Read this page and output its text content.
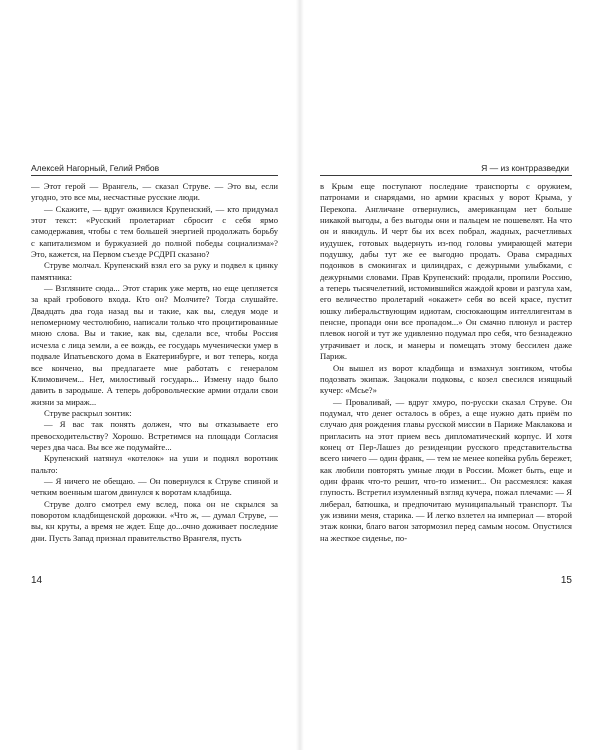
Алексей Нагорный, Гелий Рябов

— Этот герой — Врангель, — сказал Струве. — Это вы, если угодно, это все мы, несчастные русские люди.

— Скажите, — вдруг оживился Крупенский, — кто придумал этот текст: «Русский пролетариат сбросит с себя ярмо самодержавия, чтобы с тем большей энергией продолжать борьбу с капитализмом и буржуазией до полной победы социализма»? Это, кажется, на Первом съезде РСДРП сказано?

Струве молчал. Крупенский взял его за руку и подвел к цинку памятника:

— Взгляните сюда... Этот старик уже мертв, но еще цепляется за край гробового входа. Кто он? Молчите? Тогда слушайте. Двадцать два года назад вы и такие, как вы, следуя моде и непомерному честолюбию, написали только что процитированные мною слова. Вы и такие, как вы, сделали все, чтобы Россия исчезла с лица земли, а ее вождь, ее государь мученически умер в подвале Ипатьевского дома в Екатеринбурге, и вот теперь, когда все кончено, вы предлагаете мне работать с генералом Климовичем... Нет, милостивый государь... Измену надо было давить в зародыше. А теперь добровольческие армии отдали свои жизни за мираж...

Струве раскрыл зонтик:

— Я вас так понять должен, что вы отказываете его превосходительству? Хорошо. Встретимся на площади Согласия через два часа. Вы все же подумайте...

Крупенский натянул «котелок» на уши и поднял воротник пальто:

— Я ничего не обещаю. — Он повернулся к Струве спиной и четким военным шагом двинулся к воротам кладбища.

Струве долго смотрел ему вслед, пока он не скрылся за поворотом кладбищенской дорожки. «Что ж, — думал Струве, — вы, кн круты, а время не ждет. Еще до...очно доживает последние дни. Пусть Запад признал правительство Врангеля, пусть

14
Я — из контрразведки

в Крым еще поступают последние транспорты с оружием, патронами и снарядами, но армии красных у ворот Крыма, у Перекопа. Англичане отвернулись, американцам нет больше никакой выгоды, а без выгоды они и пальцем не пошевелят. На что он и янкидуль. И черт бы их всех побрал, жадных, расчетливых иудушек, готовых выдернуть из-под головы умирающей матери подушку, дабы тут же ее выгодно продать. Орава смрадных подонков в смокингах и цилиндрах, с дежурными улыбками, с дежурными словами. Прав Крупенский: продали, пропили Россию, а теперь тысячелетний, истомившийся жаждой крови и разгула хам, его величество пролетарий «окажет» себя во всей красе, пустит юшку либеральствующим идиотам, сюсюкающим интеллигентам в пенсне, пропади они все пропадом...» Он смачно плюнул и растер плевок ногой и тут же удивленно подумал про себя, что безнадежно утрачивает и лоск, и манеры и помещать этому бессилен даже Париж.

Он вышел из ворот кладбища и взмахнул зонтиком, чтобы подозвать экипаж. Зацокали подковы, с козел свесился изящный кучер: «Мсье?»

— Проваливай, — вдруг хмуро, по-русски сказал Струве. Он подумал, что денег осталось в обрез, а еще нужно дать приём по случаю дня рождения главы русской миссии в Париже Маклакова и пригласить на этот прием весь дипломатический корпус. И хотя конец от Пер-Лашез до резиденции русского представительства всего ничего — один франк, — тем не менее копейка рубль бережет, как любили повторять умные люди в России. Может быть, еще и один франк что-то решит, что-то изменит... Он рассмеялся: какая глупость. Встретил изумленный взгляд кучера, пожал плечами: — Я либерал, батюшка, и предпочитаю муниципальный транспорт. Ты уж извини меня, старика. — И легко взлетел на империал — второй этаж конки, благо вагон затормозил перед самым носом. Опустился на жесткое сиденье, по-

15
